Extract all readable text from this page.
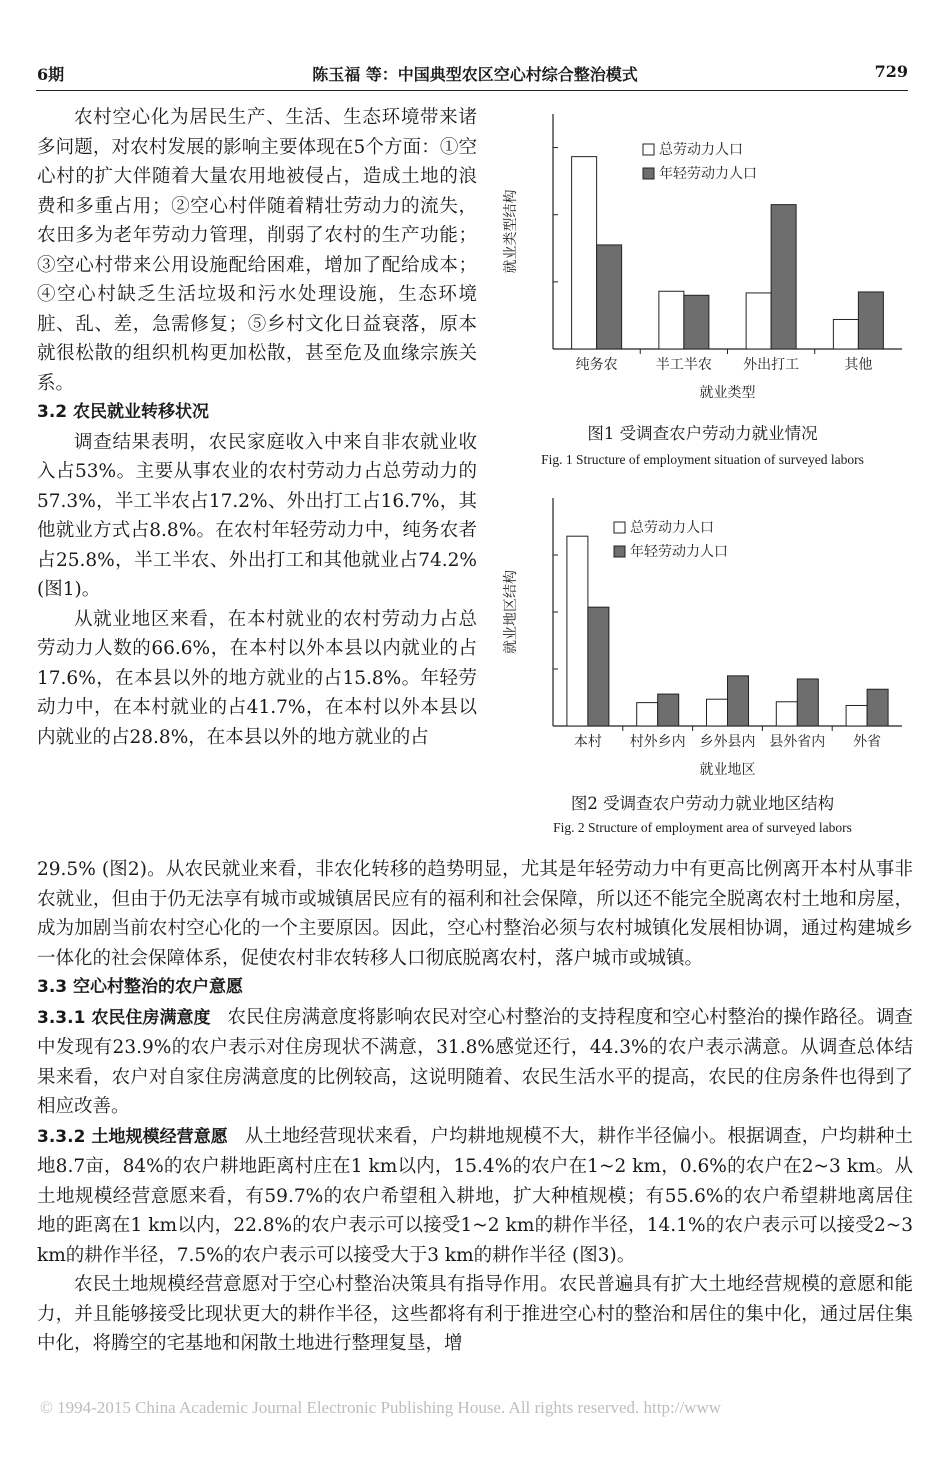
6期	陈玉福 等：中国典型农区空心村综合整治模式	729

农村空心化为居民生产、生活、生态环境带来诸多问题，对农村发展的影响主要体现在5个方面：①空心村的扩大伴随着大量农用地被侵占，造成土地的浪费和多重占用；②空心村伴随着精壮劳动力的流失，农田多为老年劳动力管理，削弱了农村的生产功能；③空心村带来公用设施配给困难，增加了配给成本；④空心村缺乏生活垃圾和污水处理设施，生态环境脏、乱、差，急需修复；⑤乡村文化日益衰落，原本就很松散的组织机构更加松散，甚至危及血缘宗族关系。

3.2 农民就业转移状况

调查结果表明，农民家庭收入中来自非农就业收入占53%。主要从事农业的农村劳动力占总劳动力的57.3%，半工半农占17.2%、外出打工占16.7%，其他就业方式占8.8%。在农村年轻劳动力中，纯务农者占25.8%，半工半农、外出打工和其他就业占74.2% (图1)。

从就业地区来看，在本村就业的农村劳动力占总劳动力人数的66.6%，在本村以外本县以内就业的占17.6%，在本县以外的地方就业的占15.8%。年轻劳动力中，在本村就业的占41.7%，在本村以外本县以内就业的占28.8%，在本县以外的地方就业的占

纯务农	半工半农 外出打工	其他
就业类型
就业类型结构
总劳动力人口
年轻劳动力人口
图1 受调查农户劳动力就业情况
Fig. 1 Structure of employment situation of surveyed labors
本村 村外乡内 乡外县内 县外省内 外省
就业地区
就业地区结构
总劳动力人口
年轻劳动力人口
图2 受调查农户劳动力就业地区结构
Fig. 2 Structure of employment area of surveyed labors

29.5% (图2)。从农民就业来看，非农化转移的趋势明显，尤其是年轻劳动力中有更高比例离开本村从事非农就业，但由于仍无法享有城市或城镇居民应有的福利和社会保障，所以还不能完全脱离农村土地和房屋，成为加剧当前农村空心化的一个主要原因。因此，空心村整治必须与农村城镇化发展相协调，通过构建城乡一体化的社会保障体系，促使农村非农转移人口彻底脱离农村，落户城市或城镇。

3.3 空心村整治的农户意愿

3.3.1 农民住房满意度 农民住房满意度将影响农民对空心村整治的支持程度和空心村整治的操作路径。调查中发现有23.9%的农户表示对住房现状不满意，31.8%感觉还行，44.3%的农户表示满意。从调查总体结果来看，农户对自家住房满意度的比例较高，这说明随着、农民生活水平的提高，农民的住房条件也得到了相应改善。

3.3.2 土地规模经营意愿 从土地经营现状来看，户均耕地规模不大，耕作半径偏小。根据调查，户均耕种土地8.7亩，84%的农户耕地距离村庄在1 km以内，15.4%的农户在1~2 km，0.6%的农户在2~3 km。从土地规模经营意愿来看，有59.7%的农户希望租入耕地，扩大种植规模；有55.6%的农户希望耕地离居住地的距离在1 km以内，22.8%的农户表示可以接受1~2 km的耕作半径，14.1%的农户表示可以接受2~3 km的耕作半径，7.5%的农户表示可以接受大于3 km的耕作半径 (图3)。

农民土地规模经营意愿对于空心村整治决策具有指导作用。农民普遍具有扩大土地经营规模的意愿和能力，并且能够接受比现状更大的耕作半径，这些都将有利于推进空心村的整治和居住的集中化，通过居住集中化，将腾空的宅基地和闲散土地进行整理复垦，增

© 1994-2015 China Academic Journal Electronic Publishing House. All rights reserved. http://www
